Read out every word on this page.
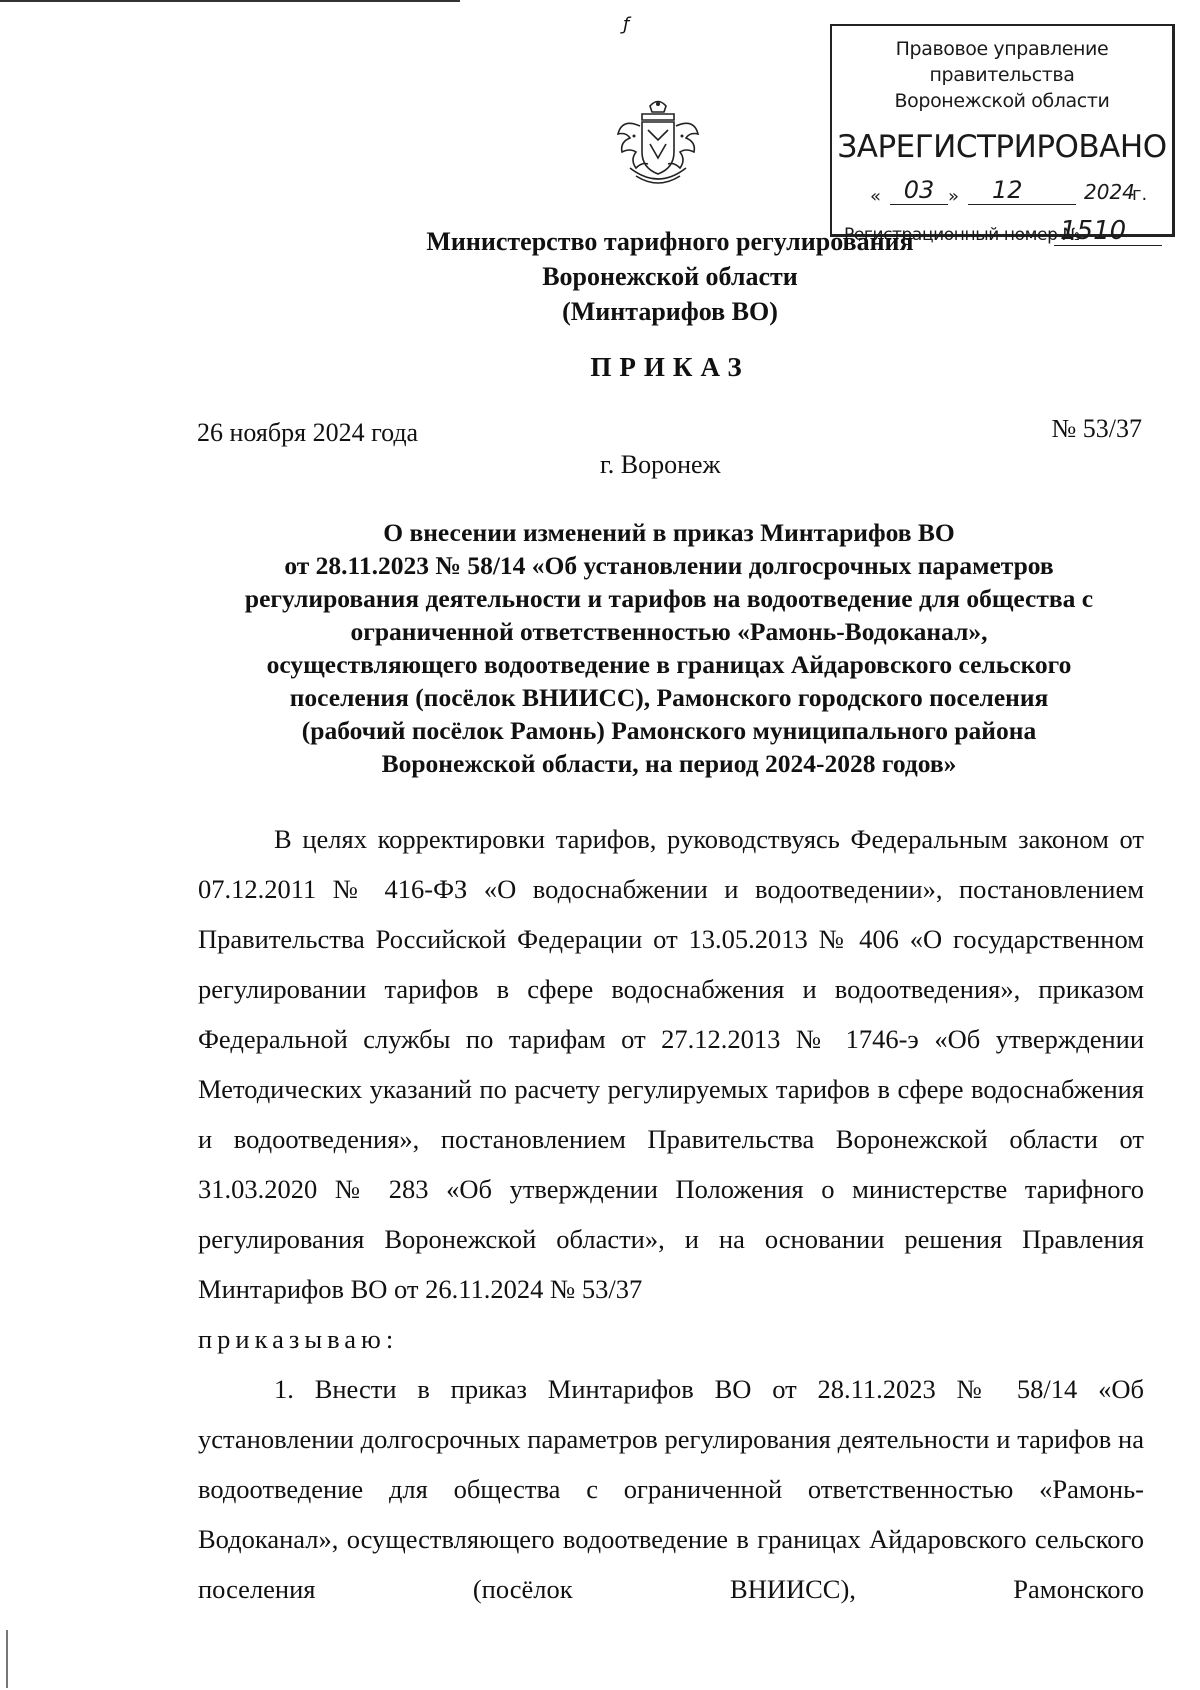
ƒ
Правовое управление правительства
Воронежской области
ЗАРЕГИСТРИРОВАНО
« 03 »	12	2024
г.
Регистрационный номер №
1510
Министерство тарифного регулирования
Воронежской области
(Минтарифов ВО)
ПРИКАЗ
26 ноября 2024 года	№ 53/37
г. Воронеж
О внесении изменений в приказ Минтарифов ВО
от 28.11.2023 № 58/14 «Об установлении долгосрочных параметров
регулирования деятельности и тарифов на водоотведение для общества с
ограниченной ответственностью «Рамонь-Водоканал»,
осуществляющего водоотведение в границах Айдаровского сельского
поселения (посёлок ВНИИСС), Рамонского городского поселения
(рабочий посёлок Рамонь) Рамонского муниципального района
Воронежской области, на период 2024-2028 годов»

В целях корректировки тарифов, руководствуясь Федеральным законом от 07.12.2011 № 416-ФЗ «О водоснабжении и водоотведении», постановлением Правительства Российской Федерации от 13.05.2013 № 406 «О государственном регулировании тарифов в сфере водоснабжения и водоотведения», приказом Федеральной службы по тарифам от 27.12.2013 № 1746-э «Об утверждении Методических указаний по расчету регулируемых тарифов в сфере водоснабжения и водоотведения», постановлением Правительства Воронежской области от 31.03.2020 № 283 «Об утверждении Положения о министерстве тарифного регулирования Воронежской области», и на основании решения Правления Минтарифов ВО от 26.11.2024 № 53/37

приказываю:

1. Внести в приказ Минтарифов ВО от 28.11.2023 № 58/14 «Об установлении долгосрочных параметров регулирования деятельности и тарифов на водоотведение для общества с ограниченной ответственностью «Рамонь-Водоканал», осуществляющего водоотведение в границах Айдаровского сельского поселения (посёлок ВНИИСС), Рамонского
